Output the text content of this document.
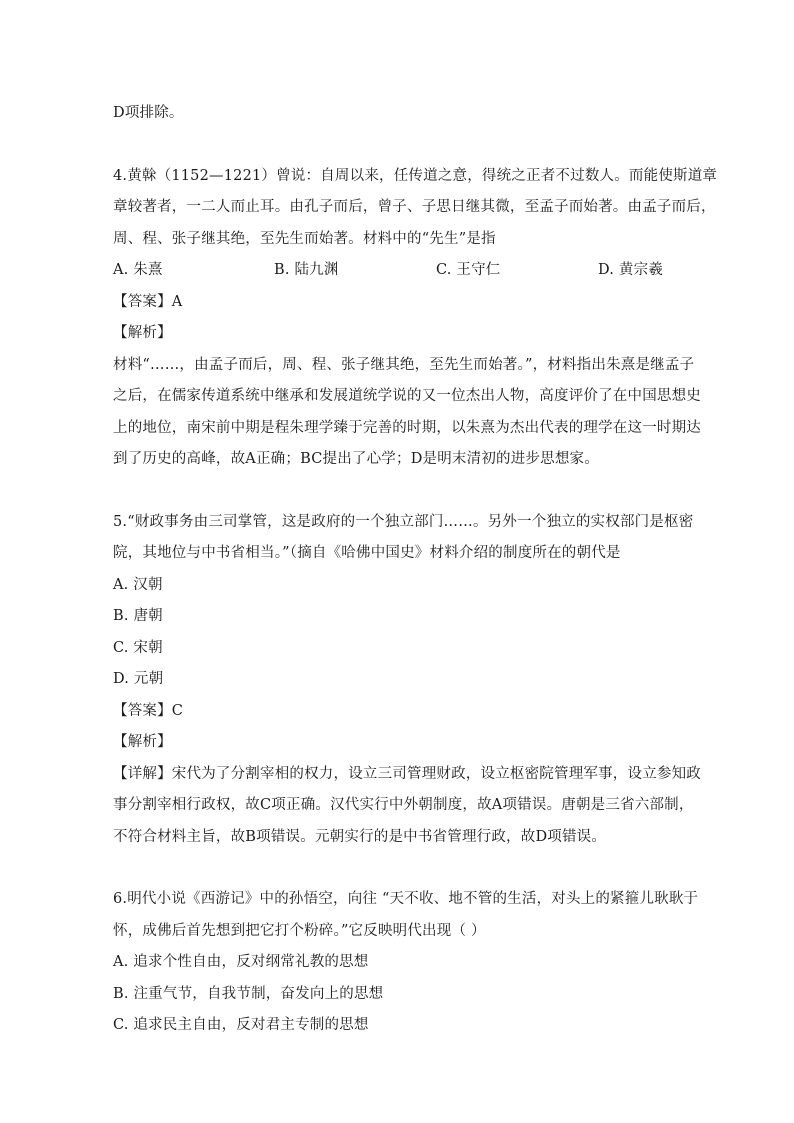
D项排除。
4.黄榦（1152—1221）曾说：自周以来，任传道之意，得统之正者不过数人。而能使斯道章
章较著者，一二人而止耳。由孔子而后，曾子、子思日继其微，至孟子而始著。由孟子而后，
周、程、张子继其绝，至先生而始著。材料中的“先生”是指
A. 朱熹	B. 陆九渊	C. 王守仁	D. 黄宗羲
【答案】A
【解析】
材料“……，由孟子而后，周、程、张子继其绝，至先生而始著。”，材料指出朱熹是继孟子
之后，在儒家传道系统中继承和发展道统学说的又一位杰出人物，高度评价了在中国思想史
上的地位，南宋前中期是程朱理学臻于完善的时期，以朱熹为杰出代表的理学在这一时期达
到了历史的高峰，故A正确；BC提出了心学；D是明末清初的进步思想家。
5.“财政事务由三司掌管，这是政府的一个独立部门……。另外一个独立的实权部门是枢密
院，其地位与中书省相当。”（摘自《哈佛中国史》材料介绍的制度所在的朝代是
A. 汉朝
B. 唐朝
C. 宋朝
D. 元朝
【答案】C
【解析】
【详解】宋代为了分割宰相的权力，设立三司管理财政，设立枢密院管理军事，设立参知政
事分割宰相行政权，故C项正确。汉代实行中外朝制度，故A项错误。唐朝是三省六部制，
不符合材料主旨，故B项错误。元朝实行的是中书省管理行政，故D项错误。
6.明代小说《西游记》中的孙悟空，向往 “天不收、地不管的生活，对头上的紧箍儿耿耿于
怀，成佛后首先想到把它打个粉碎。”它反映明代出现（ ）
A. 追求个性自由，反对纲常礼教的思想
B. 注重气节，自我节制，奋发向上的思想
C. 追求民主自由，反对君主专制的思想
